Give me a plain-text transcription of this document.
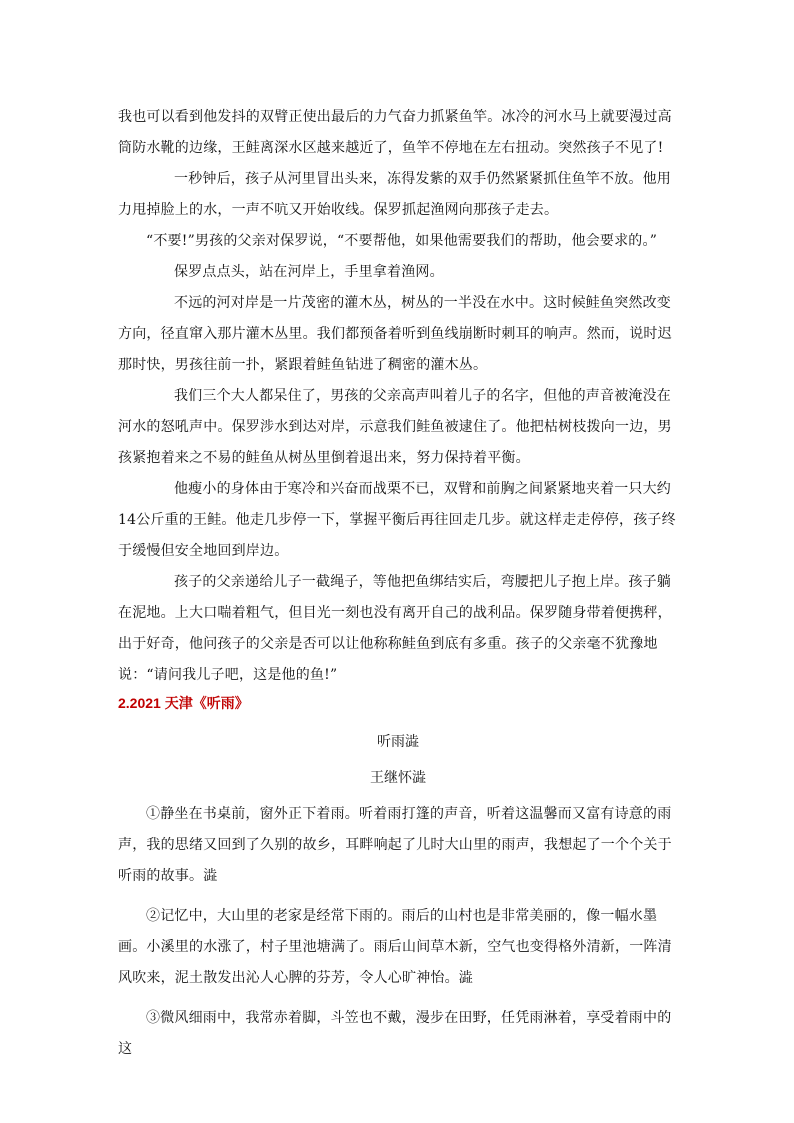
我也可以看到他发抖的双臂正使出最后的力气奋力抓紧鱼竿。冰冷的河水马上就要漫过高筒防水靴的边缘，王鲑离深水区越来越近了，鱼竿不停地在左右扭动。突然孩子不见了!

一秒钟后，孩子从河里冒出头来，冻得发紫的双手仍然紧紧抓住鱼竿不放。他用力甩掉脸上的水，一声不吭又开始收线。保罗抓起渔网向那孩子走去。

“不要!”男孩的父亲对保罗说，“不要帮他，如果他需要我们的帮助，他会要求的。”

保罗点点头，站在河岸上，手里拿着渔网。

不远的河对岸是一片茂密的灌木丛，树丛的一半没在水中。这时候鲑鱼突然改变方向，径直窜入那片灌木丛里。我们都预备着听到鱼线崩断时刺耳的响声。然而，说时迟那时快，男孩往前一扑，紧跟着鲑鱼钻进了稠密的灌木丛。

我们三个大人都呆住了，男孩的父亲高声叫着儿子的名字，但他的声音被淹没在河水的怒吼声中。保罗涉水到达对岸，示意我们鲑鱼被逮住了。他把枯树枝拨向一边，男孩紧抱着来之不易的鲑鱼从树丛里倒着退出来，努力保持着平衡。

他瘦小的身体由于寒冷和兴奋而战栗不已，双臂和前胸之间紧紧地夹着一只大约14公斤重的王鲑。他走几步停一下，掌握平衡后再往回走几步。就这样走走停停，孩子终于缓慢但安全地回到岸边。

孩子的父亲递给儿子一截绳子，等他把鱼绑结实后，弯腰把儿子抱上岸。孩子躺在泥地。上大口喘着粗气，但目光一刻也没有离开自己的战利品。保罗随身带着便携秤，出于好奇，他问孩子的父亲是否可以让他称称鲑鱼到底有多重。孩子的父亲毫不犹豫地说：“请问我儿子吧，这是他的鱼!”

2.2021 天津《听雨》

听雨澁

王继怀澁

①静坐在书桌前，窗外正下着雨。听着雨打篷的声音，听着这温馨而又富有诗意的雨声，我的思绪又回到了久别的故乡，耳畔响起了儿时大山里的雨声，我想起了一个个关于听雨的故事。澁

②记忆中，大山里的老家是经常下雨的。雨后的山村也是非常美丽的，像一幅水墨画。小溪里的水涨了，村子里池塘满了。雨后山间草木新，空气也变得格外清新，一阵清风吹来，泥土散发出沁人心脾的芬芳，令人心旷神怡。澁

③微风细雨中，我常赤着脚，斗笠也不戴，漫步在田野，任凭雨淋着，享受着雨中的这
